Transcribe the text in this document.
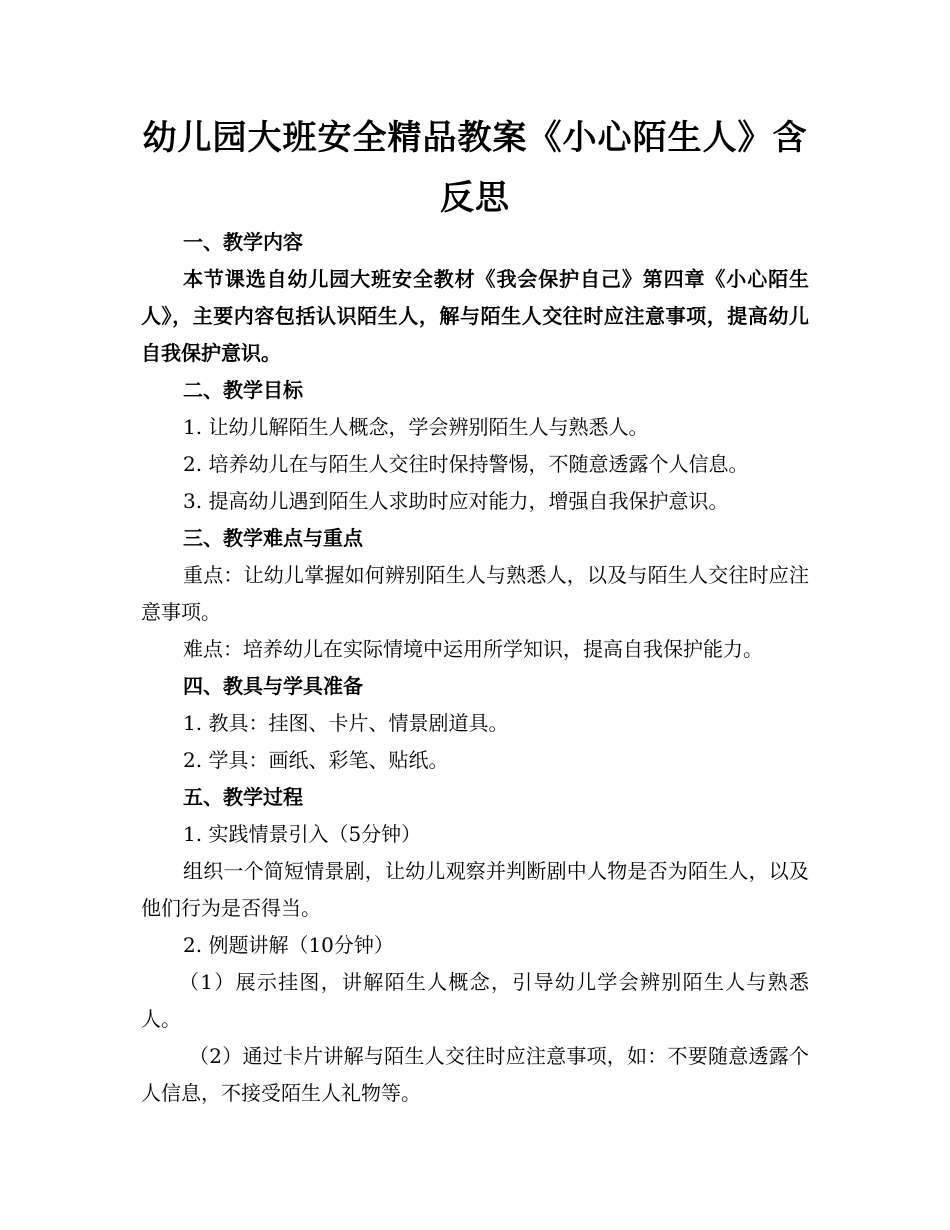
幼儿园大班安全精品教案《小心陌生人》含反思

一、教学内容

本节课选自幼儿园大班安全教材《我会保护自己》第四章《小心陌生人》，主要内容包括认识陌生人，解与陌生人交往时应注意事项，提高幼儿自我保护意识。

二、教学目标

1. 让幼儿解陌生人概念，学会辨别陌生人与熟悉人。

2. 培养幼儿在与陌生人交往时保持警惕，不随意透露个人信息。

3. 提高幼儿遇到陌生人求助时应对能力，增强自我保护意识。

三、教学难点与重点

重点：让幼儿掌握如何辨别陌生人与熟悉人，以及与陌生人交往时应注意事项。

难点：培养幼儿在实际情境中运用所学知识，提高自我保护能力。

四、教具与学具准备

1. 教具：挂图、卡片、情景剧道具。

2. 学具：画纸、彩笔、贴纸。

五、教学过程

1. 实践情景引入（5分钟）

组织一个简短情景剧，让幼儿观察并判断剧中人物是否为陌生人，以及他们行为是否得当。

2. 例题讲解（10分钟）

（1）展示挂图，讲解陌生人概念，引导幼儿学会辨别陌生人与熟悉人。

（2）通过卡片讲解与陌生人交往时应注意事项，如：不要随意透露个人信息，不接受陌生人礼物等。
